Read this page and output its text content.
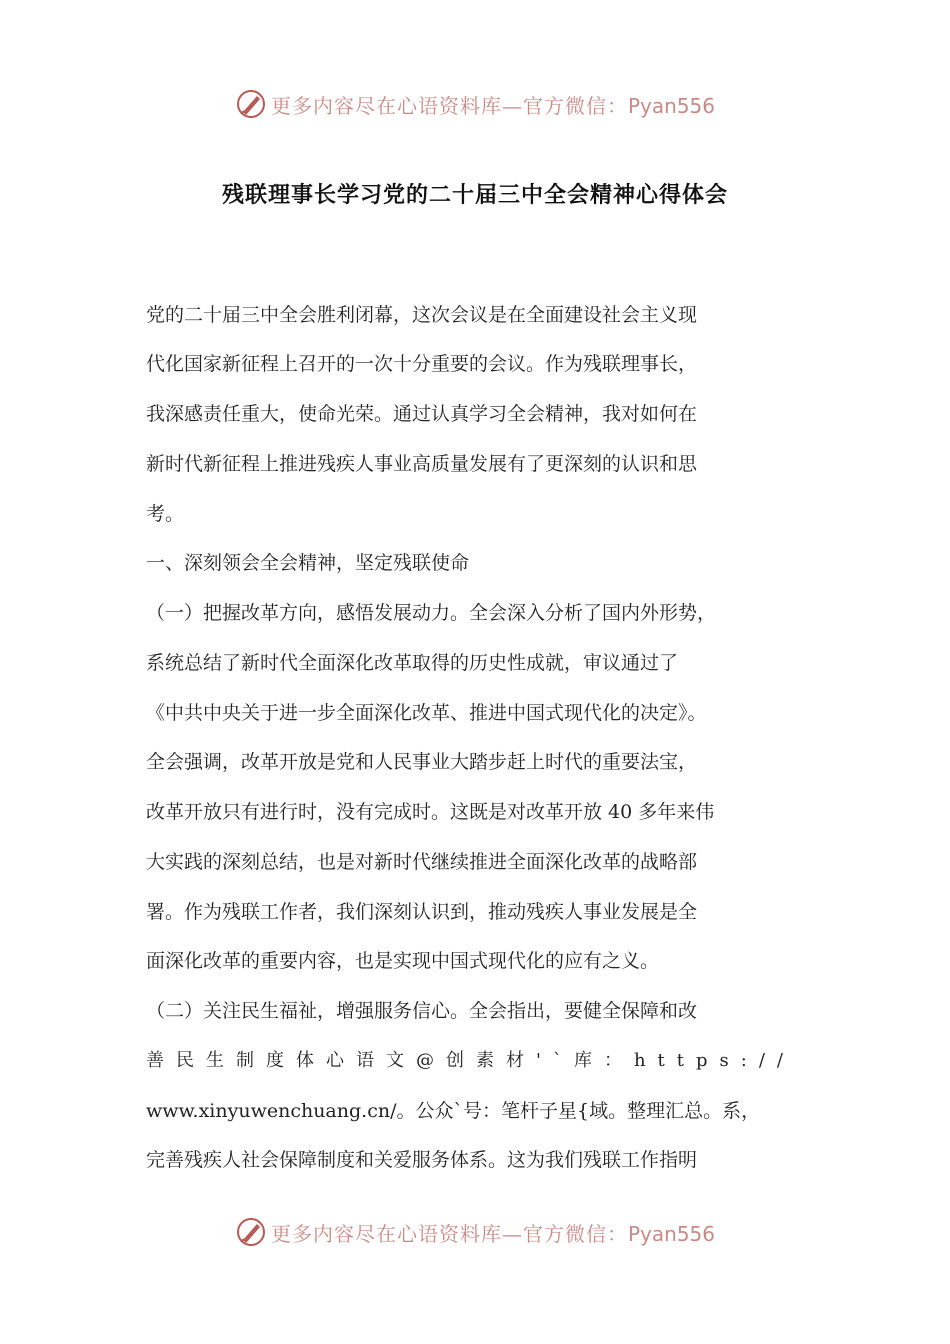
更多内容尽在心语资料库—官方微信：Pyan556
残联理事长学习党的二十届三中全会精神心得体会
党的二十届三中全会胜利闭幕，这次会议是在全面建设社会主义现
代化国家新征程上召开的一次十分重要的会议。作为残联理事长，
我深感责任重大，使命光荣。通过认真学习全会精神，我对如何在
新时代新征程上推进残疾人事业高质量发展有了更深刻的认识和思
考。
一、深刻领会全会精神，坚定残联使命
（一）把握改革方向，感悟发展动力。全会深入分析了国内外形势，
系统总结了新时代全面深化改革取得的历史性成就，审议通过了
《中共中央关于进一步全面深化改革、推进中国式现代化的决定》。
全会强调，改革开放是党和人民事业大踏步赶上时代的重要法宝，
改革开放只有进行时，没有完成时。这既是对改革开放 40 多年来伟
大实践的深刻总结，也是对新时代继续推进全面深化改革的战略部
署。作为残联工作者，我们深刻认识到，推动残疾人事业发展是全
面深化改革的重要内容，也是实现中国式现代化的应有之义。
（二）关注民生福祉，增强服务信心。全会指出，要健全保障和改
善民生制度体心语文@创素材'`库：https://
www.xinyuwenchuang.cn/。公众`号：笔杆子星{域。整理汇总。系，
完善残疾人社会保障制度和关爱服务体系。这为我们残联工作指明
更多内容尽在心语资料库—官方微信：Pyan556
